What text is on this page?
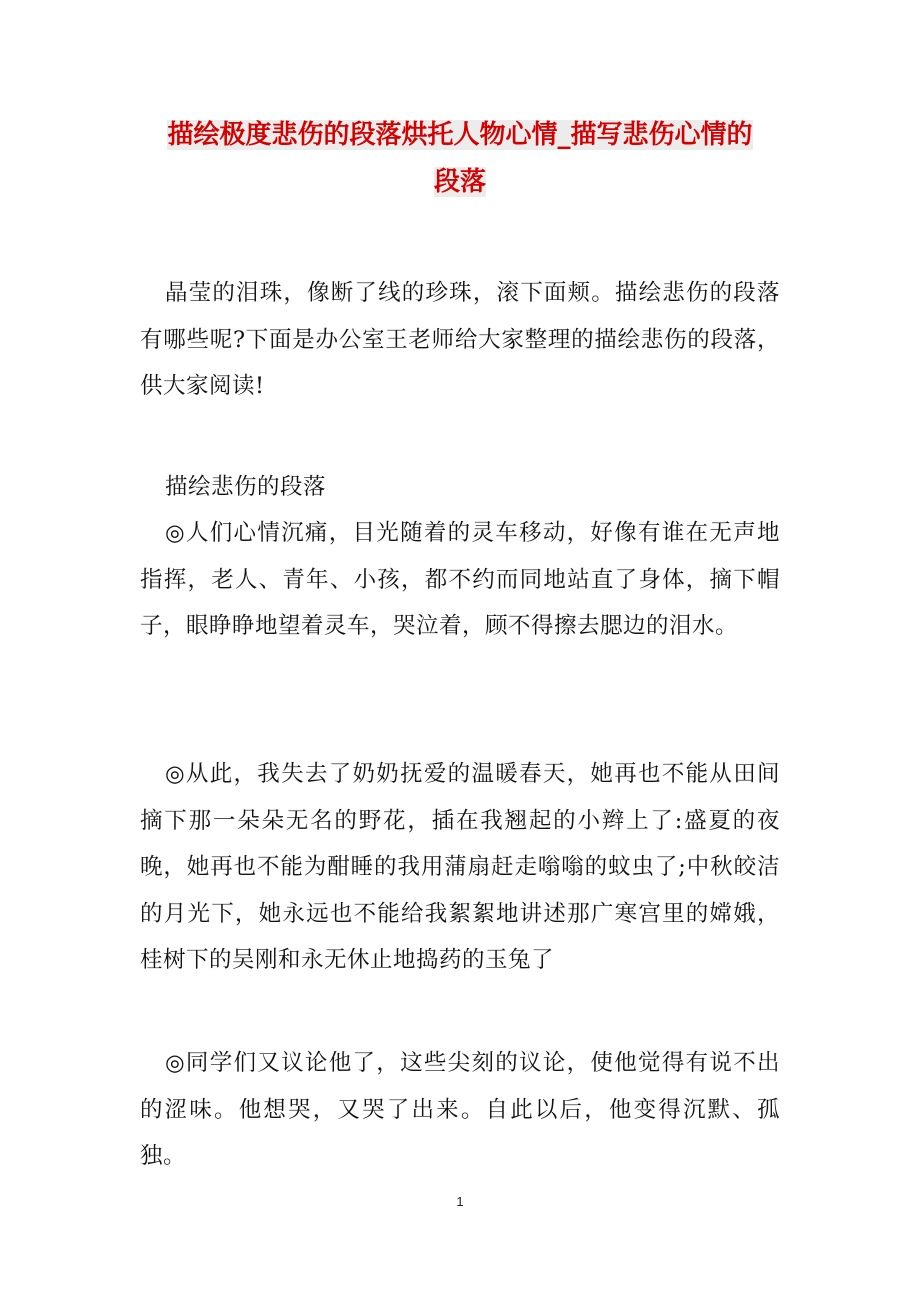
描绘极度悲伤的段落烘托人物心情_描写悲伤心情的
段落

晶莹的泪珠，像断了线的珍珠，滚下面颊。描绘悲伤的段落有哪些呢?下面是办公室王老师给大家整理的描绘悲伤的段落，供大家阅读!

描绘悲伤的段落

◎人们心情沉痛，目光随着的灵车移动，好像有谁在无声地指挥，老人、青年、小孩，都不约而同地站直了身体，摘下帽子，眼睁睁地望着灵车，哭泣着，顾不得擦去腮边的泪水。

◎从此，我失去了奶奶抚爱的温暖春天，她再也不能从田间摘下那一朵朵无名的野花，插在我翘起的小辫上了:盛夏的夜晚，她再也不能为酣睡的我用蒲扇赶走嗡嗡的蚊虫了;中秋皎洁的月光下，她永远也不能给我絮絮地讲述那广寒宫里的嫦娥，桂树下的吴刚和永无休止地捣药的玉兔了

◎同学们又议论他了，这些尖刻的议论，使他觉得有说不出的涩味。他想哭，又哭了出来。自此以后，他变得沉默、孤独。

1
